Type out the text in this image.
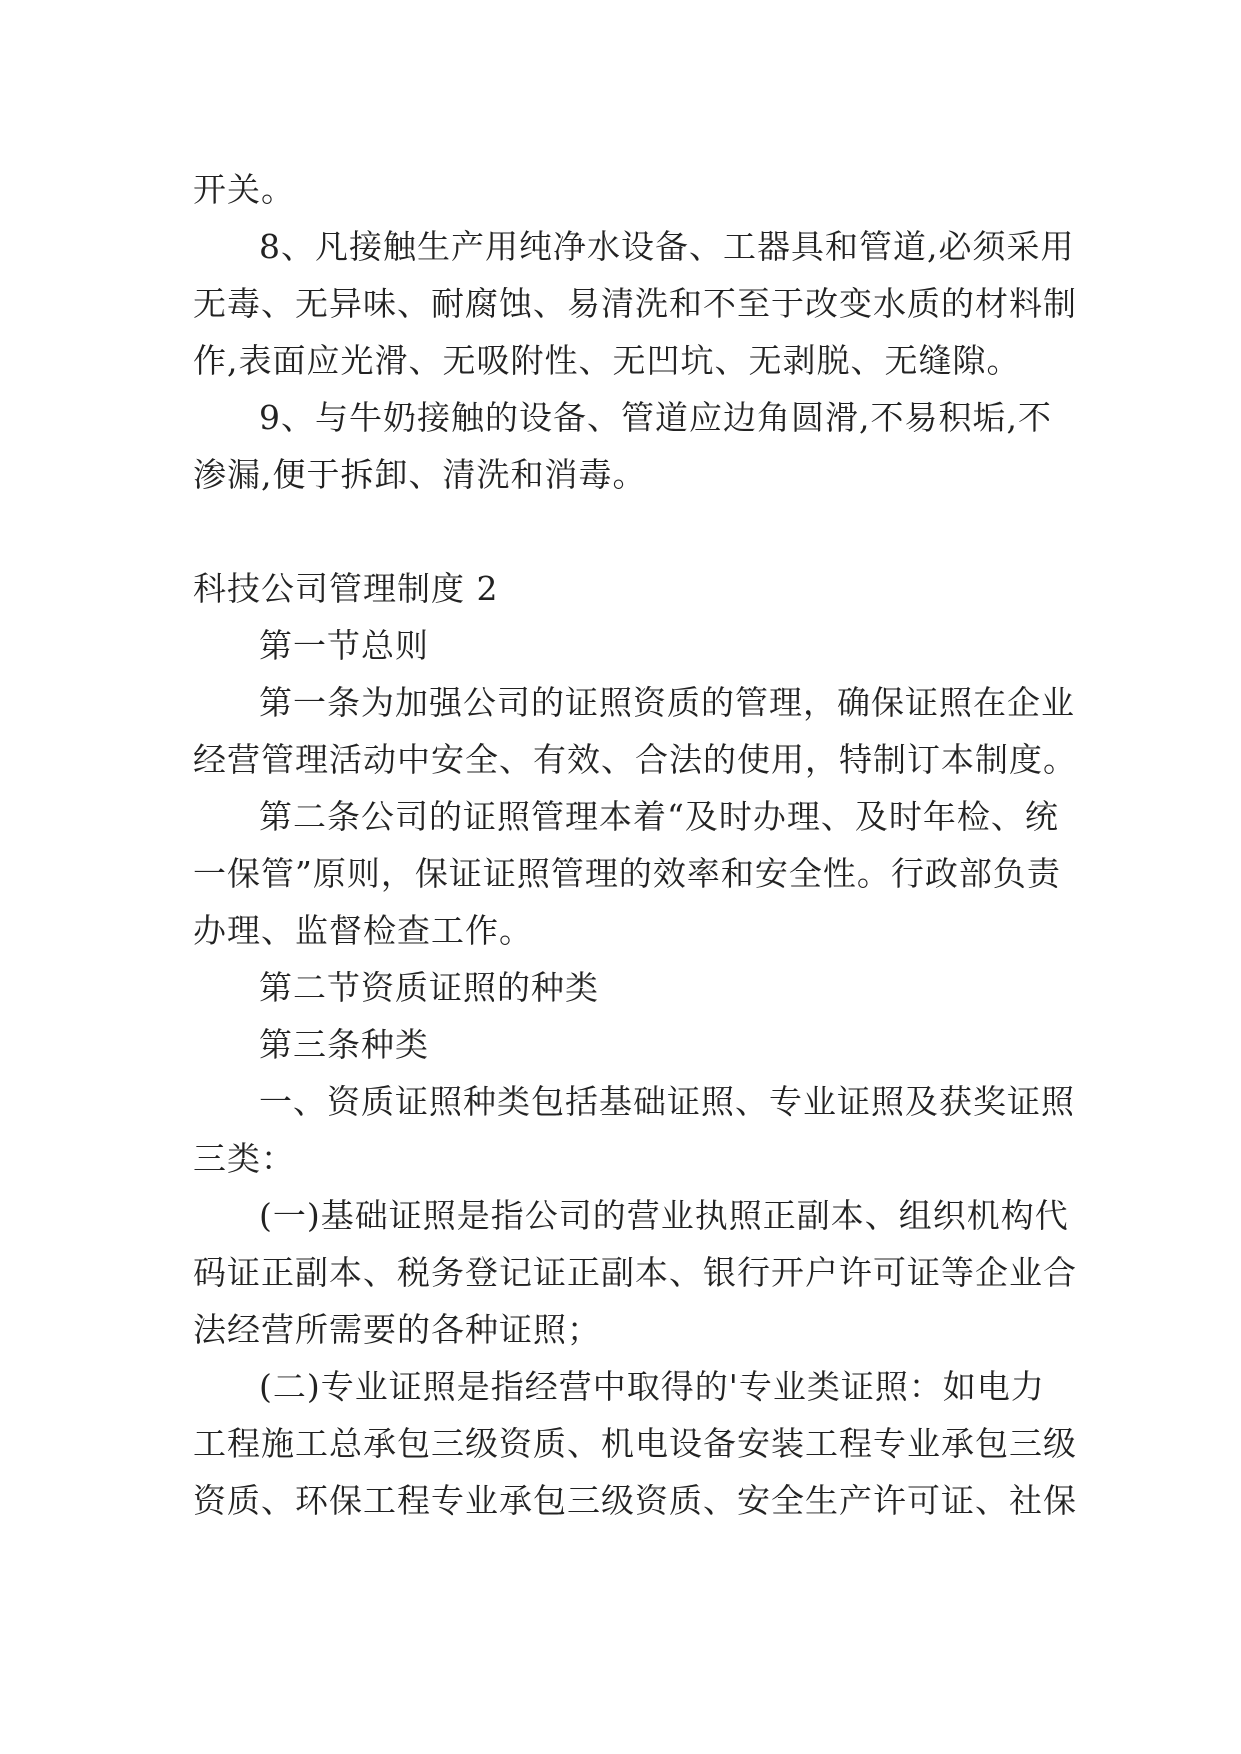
开关。
8、凡接触生产用纯净水设备、工器具和管道,必须采用
无毒、无异味、耐腐蚀、易清洗和不至于改变水质的材料制
作,表面应光滑、无吸附性、无凹坑、无剥脱、无缝隙。
9、与牛奶接触的设备、管道应边角圆滑,不易积垢,不
渗漏,便于拆卸、清洗和消毒。
科技公司管理制度 2
第一节总则
第一条为加强公司的证照资质的管理，确保证照在企业
经营管理活动中安全、有效、合法的使用，特制订本制度。
第二条公司的证照管理本着“及时办理、及时年检、统
一保管”原则，保证证照管理的效率和安全性。行政部负责
办理、监督检查工作。
第二节资质证照的种类
第三条种类
一、资质证照种类包括基础证照、专业证照及获奖证照
三类：
(一)基础证照是指公司的营业执照正副本、组织机构代
码证正副本、税务登记证正副本、银行开户许可证等企业合
法经营所需要的各种证照；
(二)专业证照是指经营中取得的'专业类证照：如电力
工程施工总承包三级资质、机电设备安装工程专业承包三级
资质、环保工程专业承包三级资质、安全生产许可证、社保
